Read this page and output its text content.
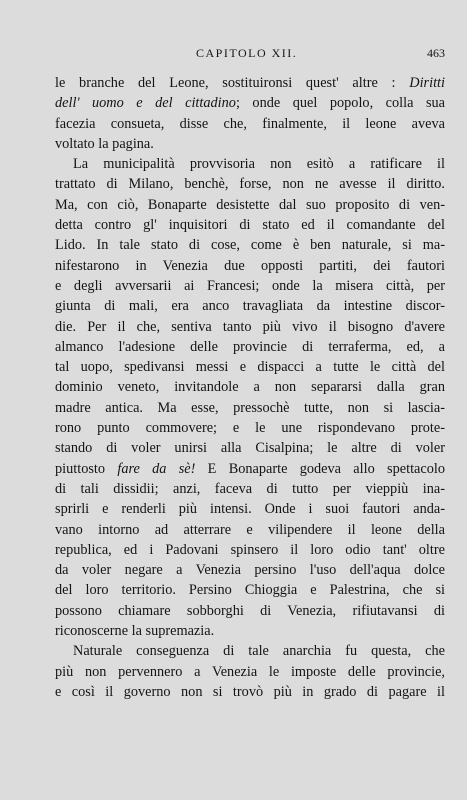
CAPITOLO XII.	463
le branche del Leone, sostituironsi quest' altre : Diritti
dell' uomo e del cittadino; onde quel popolo, colla sua
facezia consueta, disse che, finalmente, il leone aveva
voltato la pagina.
La municipalità provvisoria non esitò a ratificare il
trattato di Milano, benchè, forse, non ne avesse il diritto.
Ma, con ciò, Bonaparte desistette dal suo proposito di ven-
detta contro gl' inquisitori di stato ed il comandante del
Lido. In tale stato di cose, come è ben naturale, si ma-
nifestarono in Venezia due opposti partiti, dei fautori
e degli avversarii ai Francesi; onde la misera città, per
giunta di mali, era anco travagliata da intestine discor-
die. Per il che, sentiva tanto più vivo il bisogno d'avere
almanco l'adesione delle provincie di terraferma, ed, a
tal uopo, spedivansi messi e dispacci a tutte le città del
dominio veneto, invitandole a non separarsi dalla gran
madre antica. Ma esse, pressochè tutte, non si lascia-
rono punto commovere; e le une rispondevano prote-
stando di voler unirsi alla Cisalpina; le altre di voler
piuttosto fare da sè! E Bonaparte godeva allo spettacolo
di tali dissidii; anzi, faceva di tutto per vieppiù ina-
sprirli e renderli più intensi. Onde i suoi fautori anda-
vano intorno ad atterrare e vilipendere il leone della
republica, ed i Padovani spinsero il loro odio tant' oltre
da voler negare a Venezia persino l'uso dell'aqua dolce
del loro territorio. Persino Chioggia e Palestrina, che si
possono chiamare sobborghi di Venezia, rifiutavansi di
riconoscerne la supremazia.
Naturale conseguenza di tale anarchia fu questa, che
più non pervennero a Venezia le imposte delle provincie,
e così il governo non si trovò più in grado di pagare il
